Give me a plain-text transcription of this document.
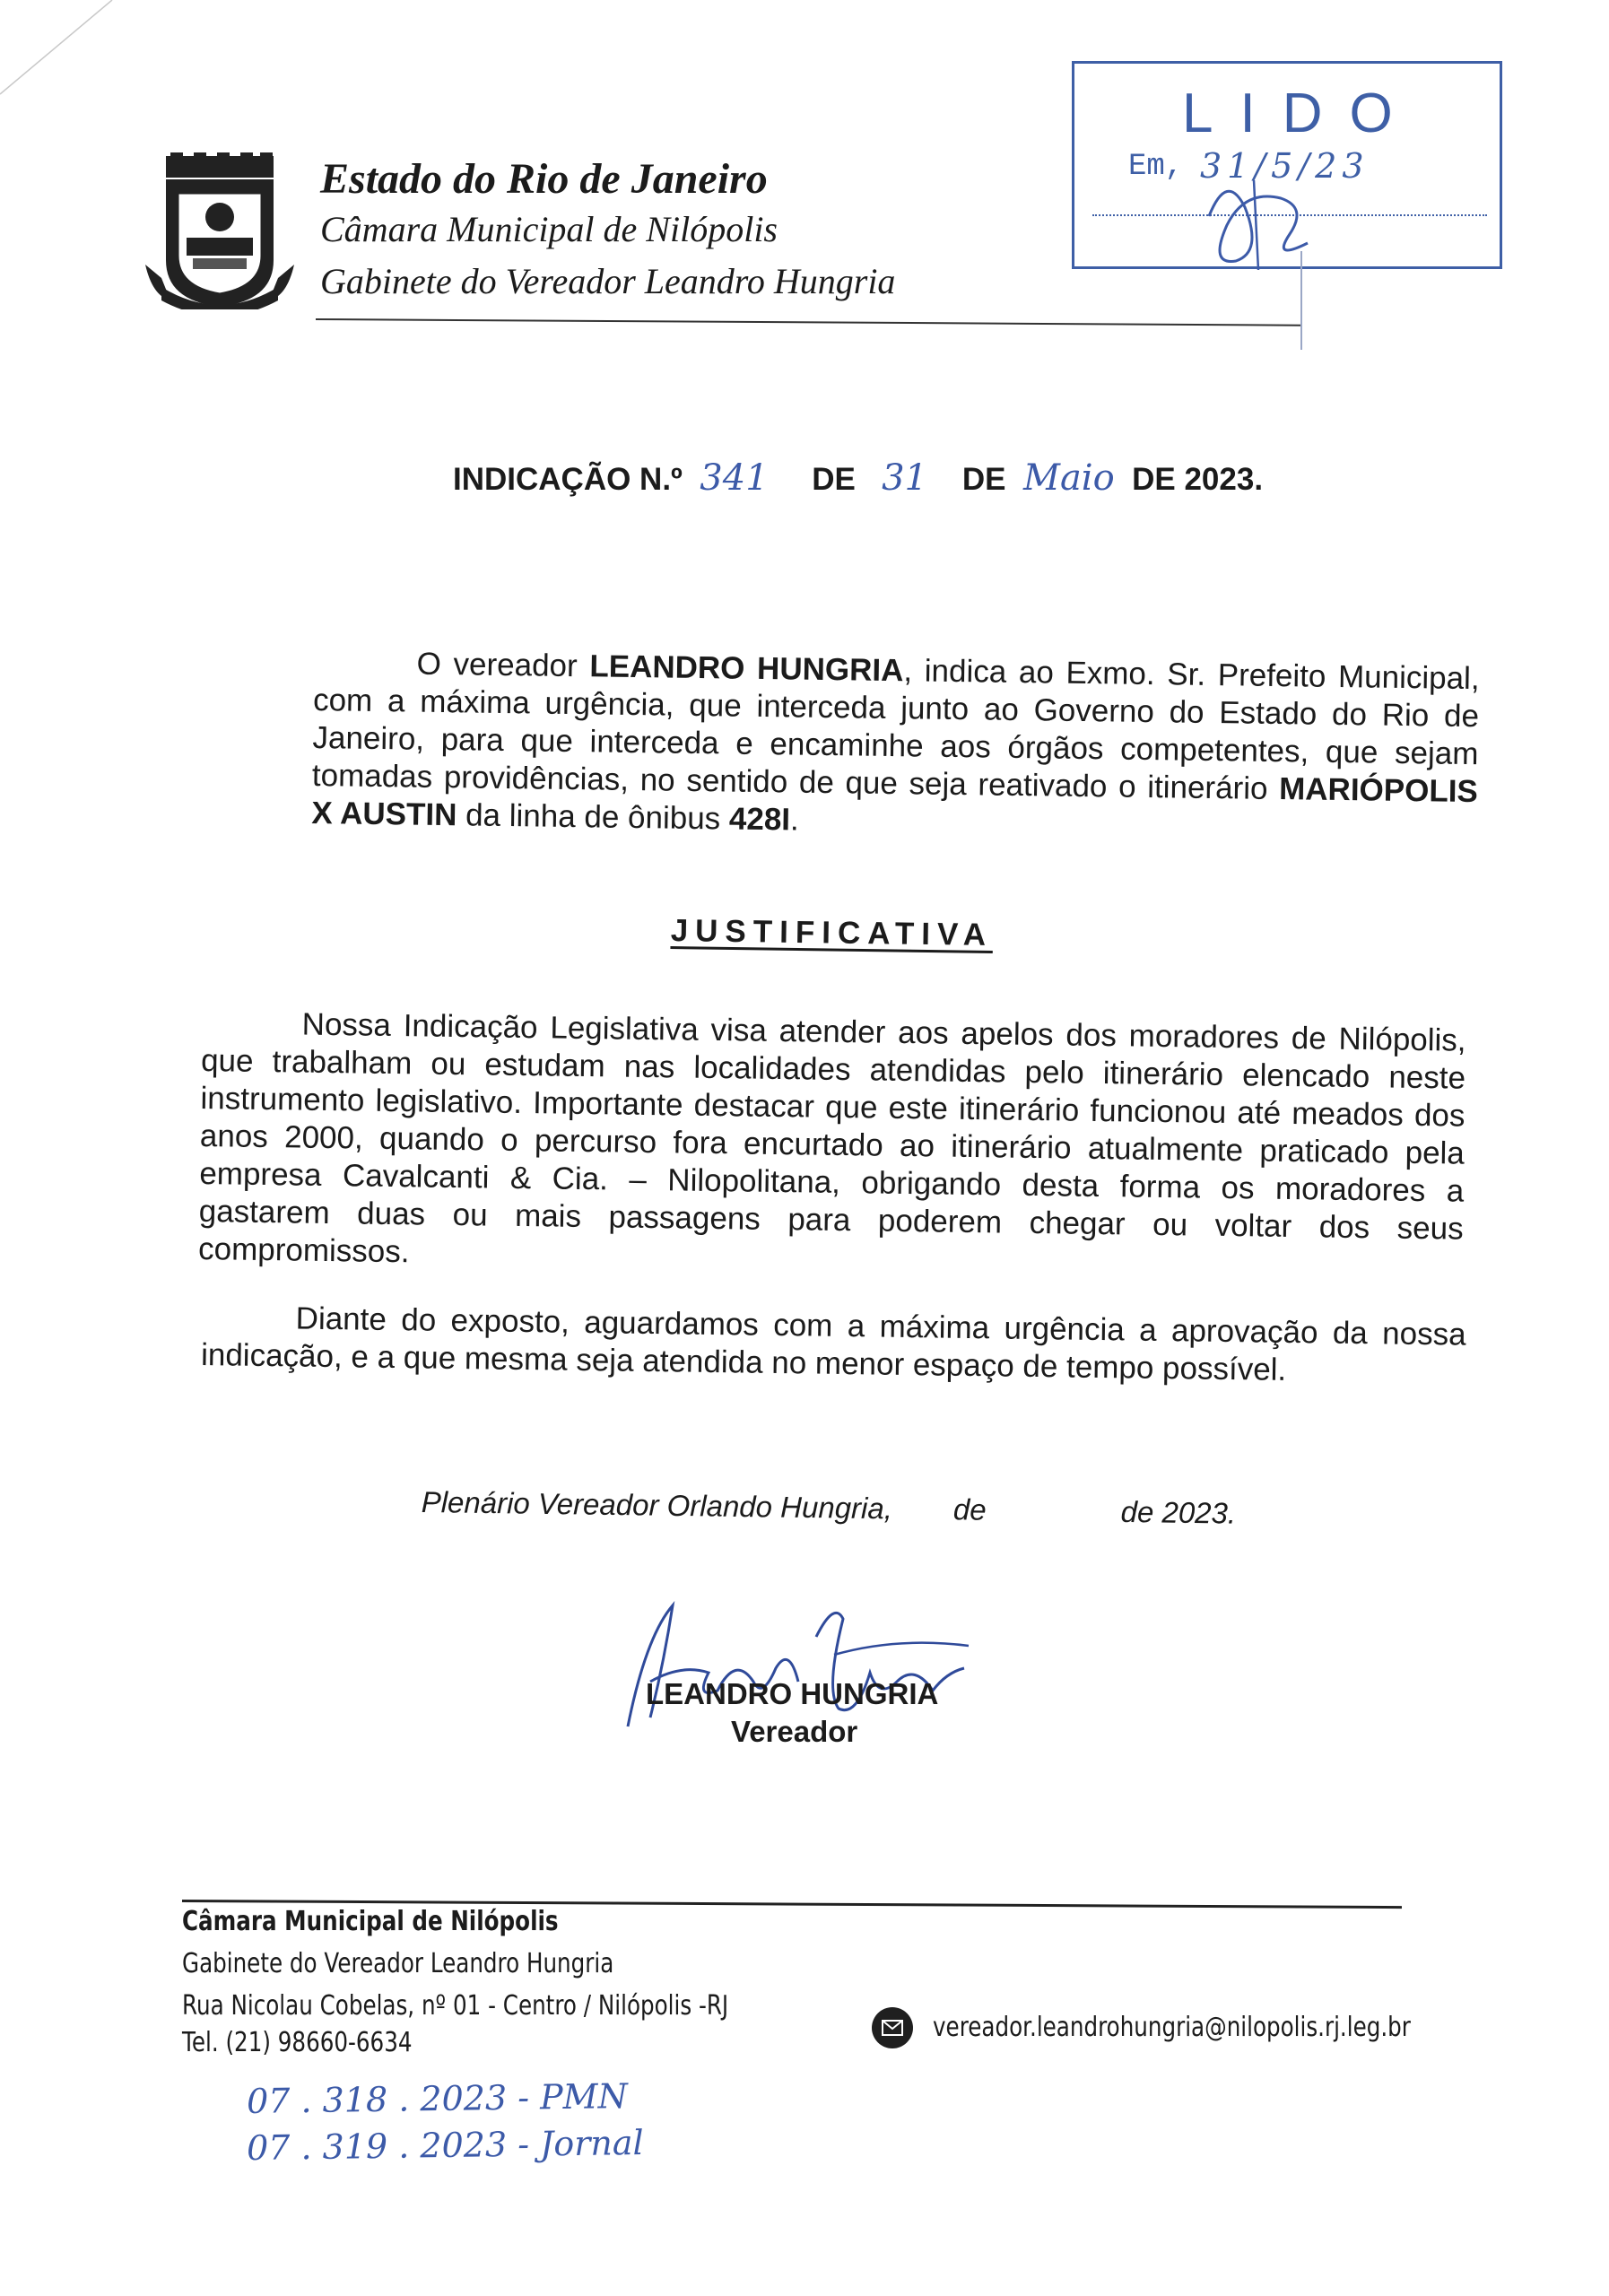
Estado do Rio de Janeiro
Câmara Municipal de Nilópolis
Gabinete do Vereador Leandro Hungria
LIDO
Em, 31/5/23
INDICAÇÃO N.º 341 DE 31 DE Maio DE 2023.
O vereador LEANDRO HUNGRIA, indica ao Exmo. Sr. Prefeito Municipal, com a máxima urgência, que interceda junto ao Governo do Estado do Rio de Janeiro, para que interceda e encaminhe aos órgãos competentes, que sejam tomadas providências, no sentido de que seja reativado o itinerário MARIÓPOLIS X AUSTIN da linha de ônibus 428I.
JUSTIFICATIVA
Nossa Indicação Legislativa visa atender aos apelos dos moradores de Nilópolis, que trabalham ou estudam nas localidades atendidas pelo itinerário elencado neste instrumento legislativo. Importante destacar que este itinerário funcionou até meados dos anos 2000, quando o percurso fora encurtado ao itinerário atualmente praticado pela empresa Cavalcanti & Cia. – Nilopolitana, obrigando desta forma os moradores a gastarem duas ou mais passagens para poderem chegar ou voltar dos seus compromissos.
Diante do exposto, aguardamos com a máxima urgência a aprovação da nossa indicação, e a que mesma seja atendida no menor espaço de tempo possível.
Plenário Vereador Orlando Hungria, de	de 2023.
LEANDRO HUNGRIA
Vereador
Câmara Municipal de Nilópolis
Gabinete do Vereador Leandro Hungria
Rua Nicolau Cobelas, nº 01 - Centro / Nilópolis -RJ
Tel. (21) 98660-6634	vereador.leandrohungria@nilopolis.rj.leg.br
07 . 318 . 2023 - PMN
07 . 319 . 2023 - Jornal
